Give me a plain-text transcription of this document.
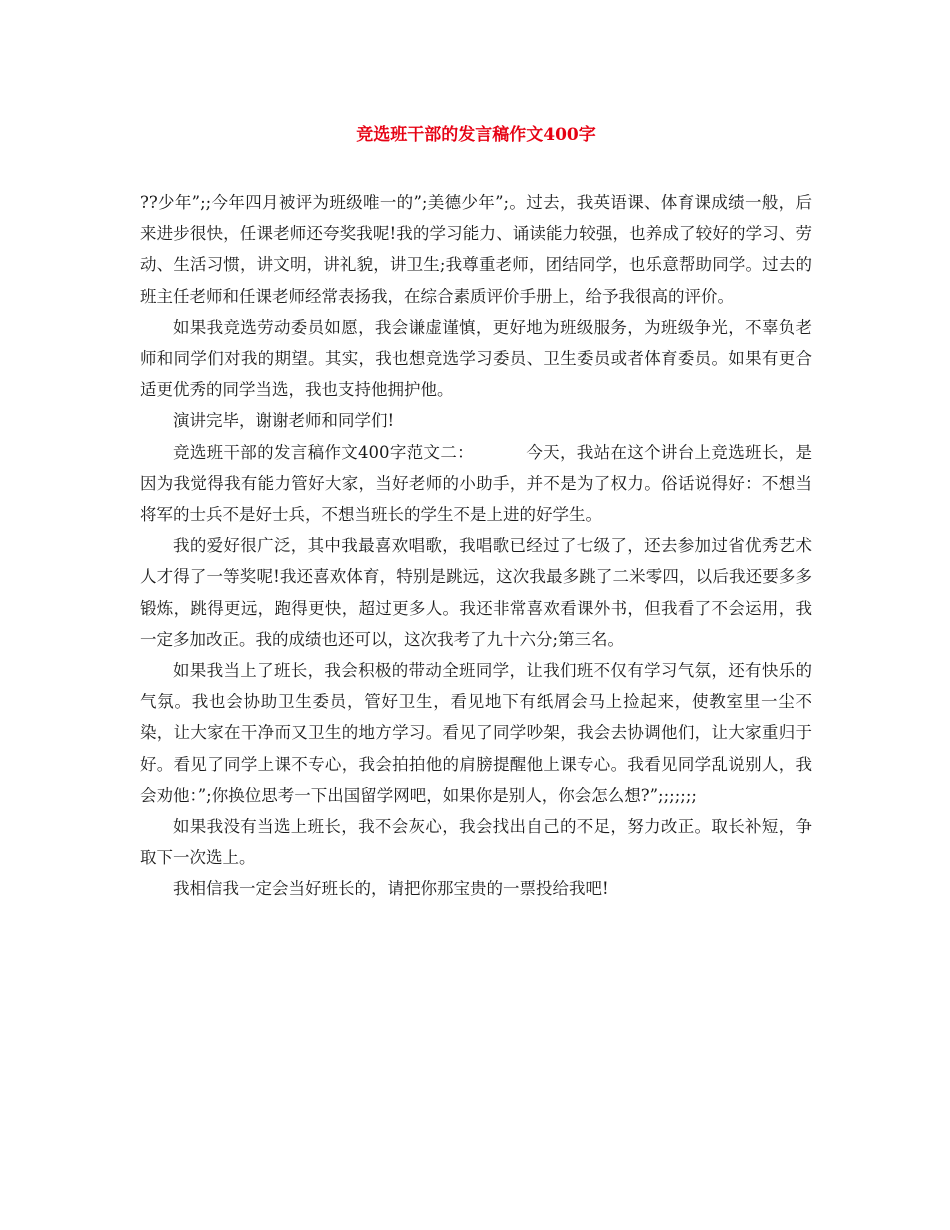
竞选班干部的发言稿作文400字

??少年”;;今年四月被评为班级唯一的”;美德少年”;。过去，我英语课、体育课成绩一般，后来进步很快，任课老师还夸奖我呢!我的学习能力、诵读能力较强，也养成了较好的学习、劳动、生活习惯，讲文明，讲礼貌，讲卫生;我尊重老师，团结同学，也乐意帮助同学。过去的班主任老师和任课老师经常表扬我，在综合素质评价手册上，给予我很高的评价。

如果我竞选劳动委员如愿，我会谦虚谨慎，更好地为班级服务，为班级争光，不辜负老师和同学们对我的期望。其实，我也想竞选学习委员、卫生委员或者体育委员。如果有更合适更优秀的同学当选，我也支持他拥护他。

演讲完毕，谢谢老师和同学们!

竞选班干部的发言稿作文400字范文二：	今天，我站在这个讲台上竞选班长，是因为我觉得我有能力管好大家，当好老师的小助手，并不是为了权力。俗话说得好：不想当将军的士兵不是好士兵，不想当班长的学生不是上进的好学生。

我的爱好很广泛，其中我最喜欢唱歌，我唱歌已经过了七级了，还去参加过省优秀艺术人才得了一等奖呢!我还喜欢体育，特别是跳远，这次我最多跳了二米零四，以后我还要多多锻炼，跳得更远，跑得更快，超过更多人。我还非常喜欢看课外书，但我看了不会运用，我一定多加改正。我的成绩也还可以，这次我考了九十六分;第三名。

如果我当上了班长，我会积极的带动全班同学，让我们班不仅有学习气氛，还有快乐的气氛。我也会协助卫生委员，管好卫生，看见地下有纸屑会马上捡起来，使教室里一尘不染，让大家在干净而又卫生的地方学习。看见了同学吵架，我会去协调他们，让大家重归于好。看见了同学上课不专心，我会拍拍他的肩膀提醒他上课专心。我看见同学乱说别人，我会劝他：”;你换位思考一下出国留学网吧，如果你是别人，你会怎么想?”;;;;;;;

如果我没有当选上班长，我不会灰心，我会找出自己的不足，努力改正。取长补短，争取下一次选上。

我相信我一定会当好班长的，请把你那宝贵的一票投给我吧!
